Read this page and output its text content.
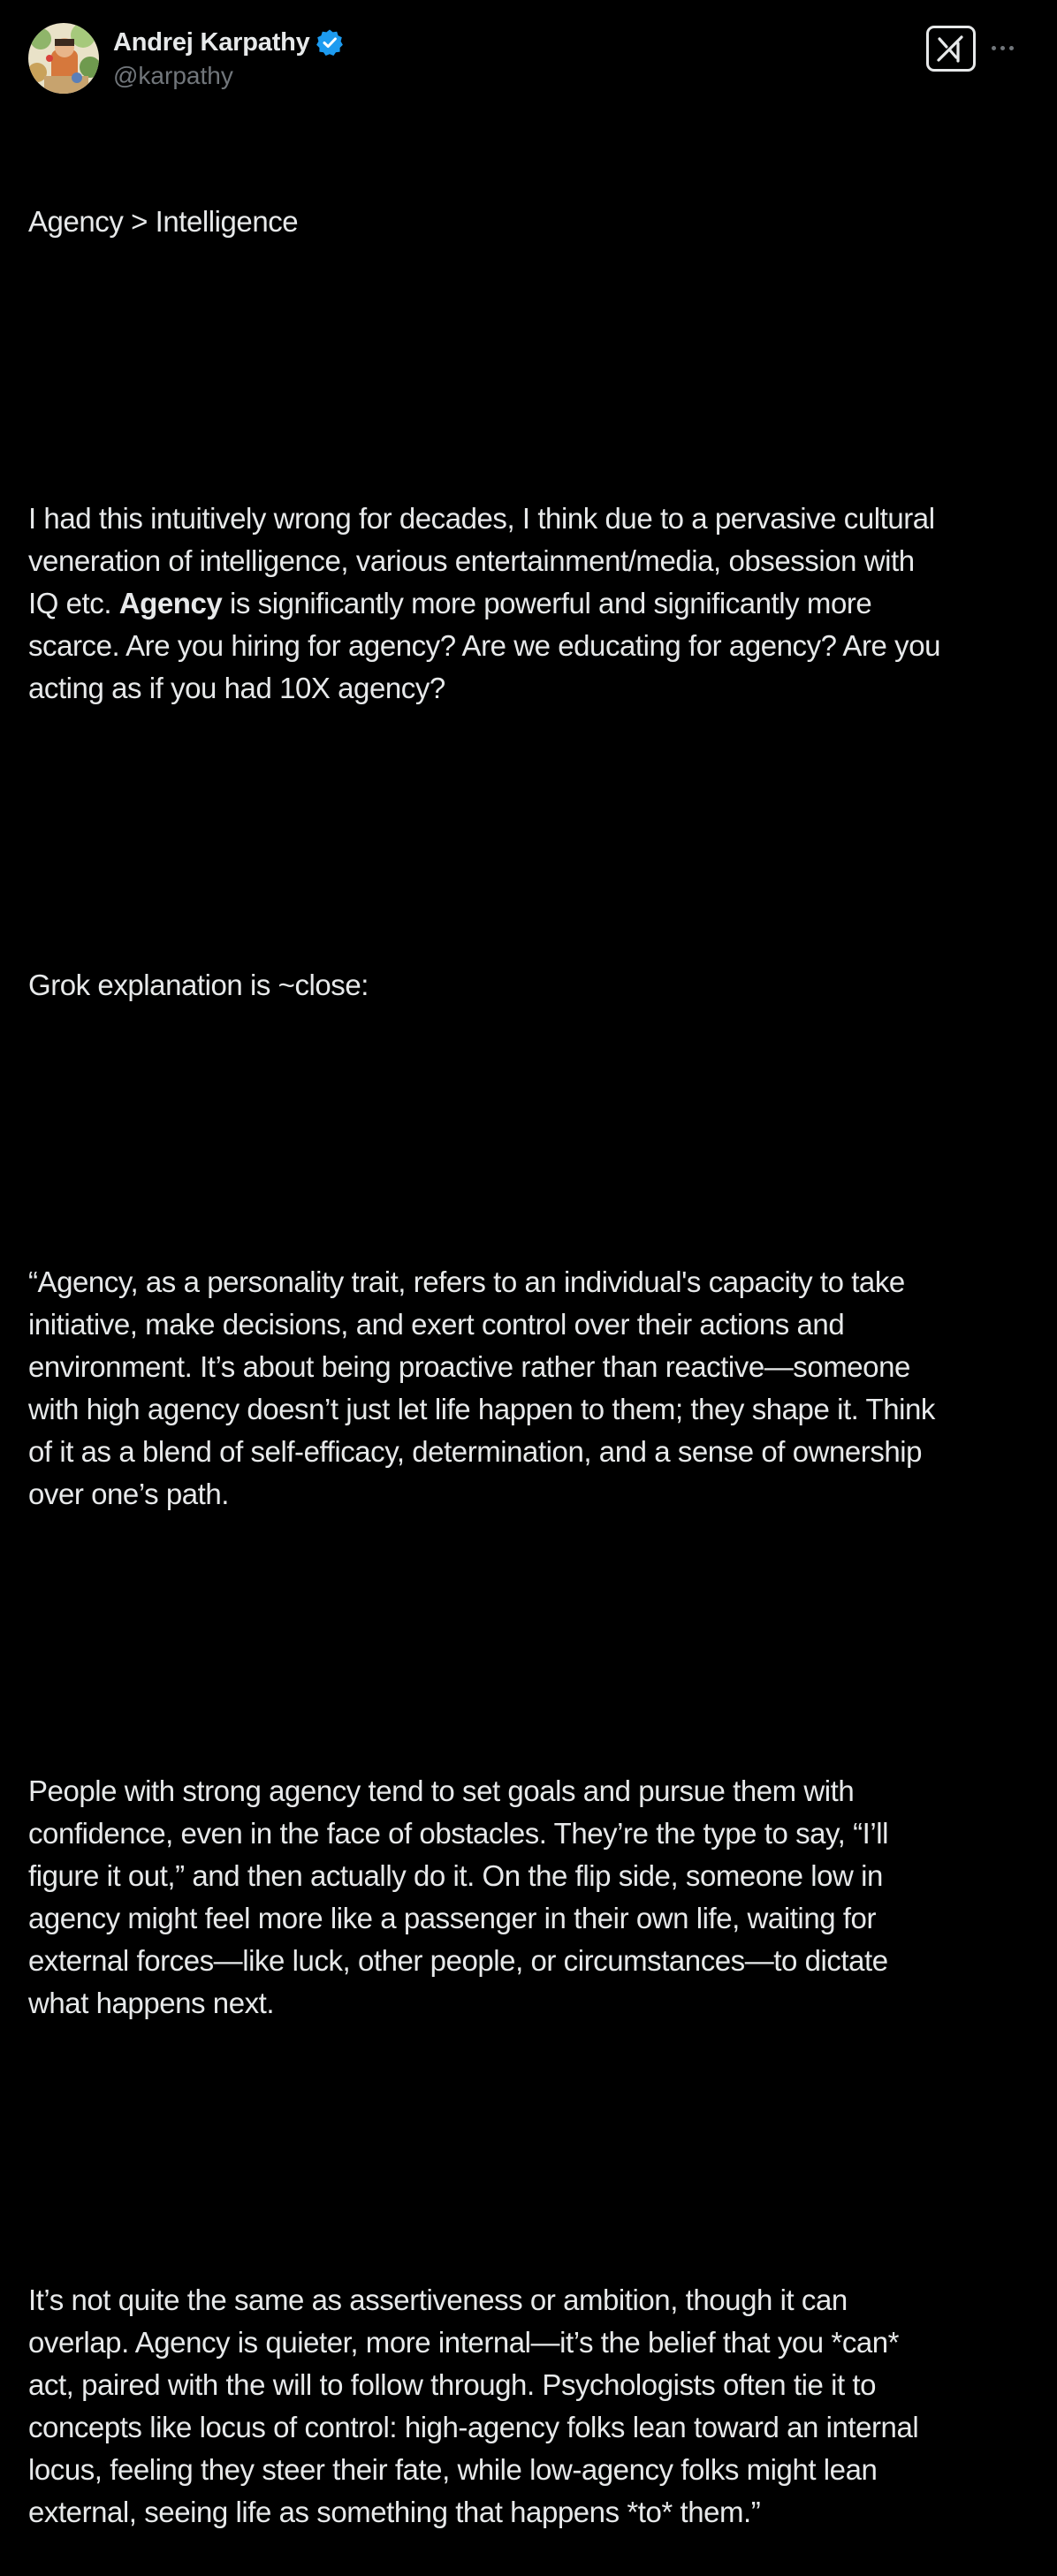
Andrej Karpathy
@karpathy

Agency > Intelligence

I had this intuitively wrong for decades, I think due to a pervasive cultural
veneration of intelligence, various entertainment/media, obsession with
IQ etc. Agency is significantly more powerful and significantly more
scarce. Are you hiring for agency? Are we educating for agency? Are you
acting as if you had 10X agency?

Grok explanation is ~close:

“Agency, as a personality trait, refers to an individual's capacity to take
initiative, make decisions, and exert control over their actions and
environment. It’s about being proactive rather than reactive—someone
with high agency doesn’t just let life happen to them; they shape it. Think
of it as a blend of self-efficacy, determination, and a sense of ownership
over one’s path.

People with strong agency tend to set goals and pursue them with
confidence, even in the face of obstacles. They’re the type to say, “I’ll
figure it out,” and then actually do it. On the flip side, someone low in
agency might feel more like a passenger in their own life, waiting for
external forces—like luck, other people, or circumstances—to dictate
what happens next.

It’s not quite the same as assertiveness or ambition, though it can
overlap. Agency is quieter, more internal—it’s the belief that you *can*
act, paired with the will to follow through. Psychologists often tie it to
concepts like locus of control: high-agency folks lean toward an internal
locus, feeling they steer their fate, while low-agency folks might lean
external, seeing life as something that happens *to* them.”
